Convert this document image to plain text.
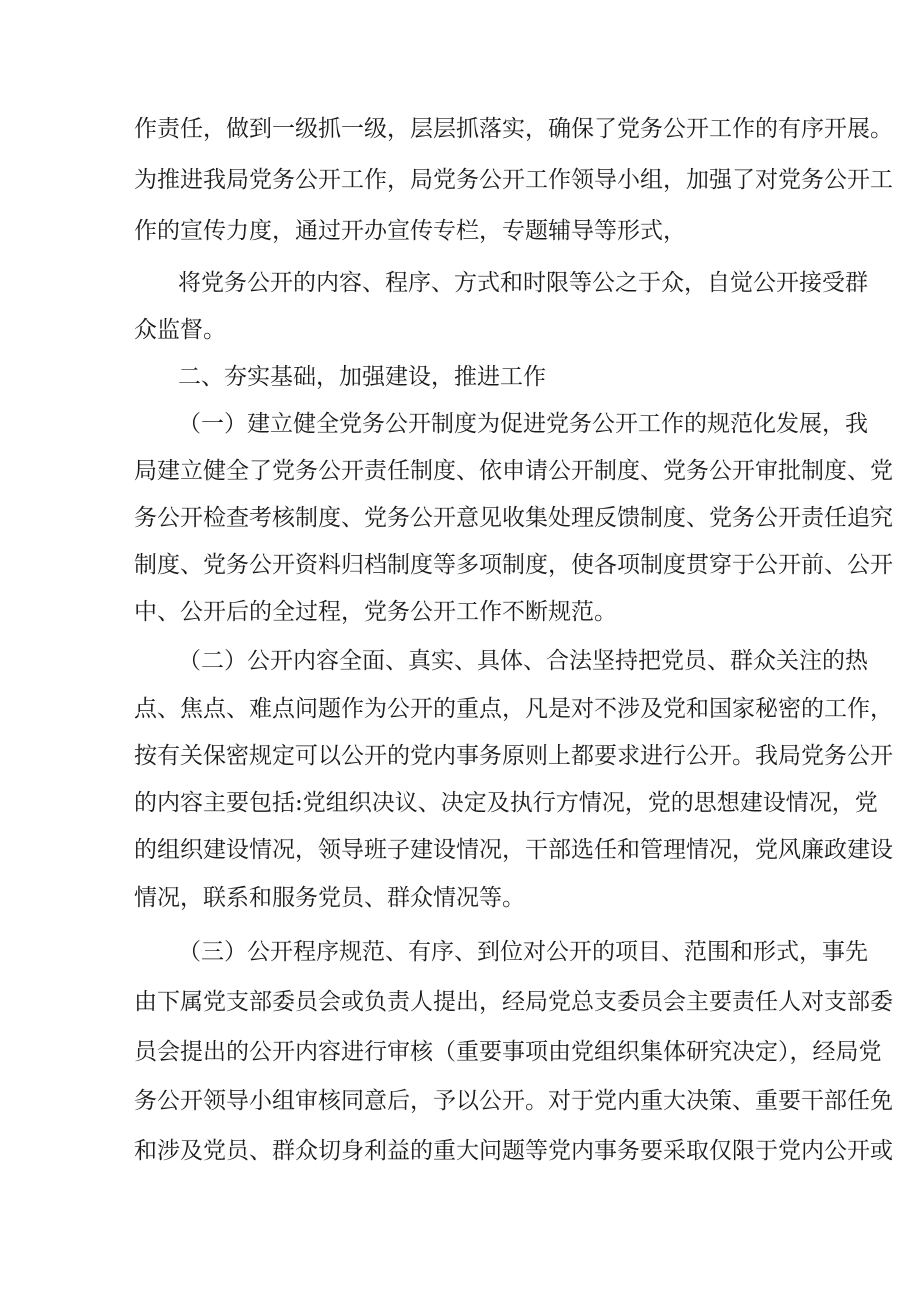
作责任，做到一级抓一级，层层抓落实，确保了党务公开工作的有序开展。
为推进我局党务公开工作，局党务公开工作领导小组，加强了对党务公开工
作的宣传力度，通过开办宣传专栏，专题辅导等形式，
将党务公开的内容、程序、方式和时限等公之于众，自觉公开接受群
众监督。
二、夯实基础，加强建设，推进工作
（一）建立健全党务公开制度为促进党务公开工作的规范化发展，我
局建立健全了党务公开责任制度、依申请公开制度、党务公开审批制度、党
务公开检查考核制度、党务公开意见收集处理反馈制度、党务公开责任追究
制度、党务公开资料归档制度等多项制度，使各项制度贯穿于公开前、公开
中、公开后的全过程，党务公开工作不断规范。
（二）公开内容全面、真实、具体、合法坚持把党员、群众关注的热
点、焦点、难点问题作为公开的重点，凡是对不涉及党和国家秘密的工作，
按有关保密规定可以公开的党内事务原则上都要求进行公开。我局党务公开
的内容主要包括:党组织决议、决定及执行方情况，党的思想建设情况，党
的组织建设情况，领导班子建设情况，干部选任和管理情况，党风廉政建设
情况，联系和服务党员、群众情况等。
（三）公开程序规范、有序、到位对公开的项目、范围和形式，事先
由下属党支部委员会或负责人提出，经局党总支委员会主要责任人对支部委
员会提出的公开内容进行审核（重要事项由党组织集体研究决定），经局党
务公开领导小组审核同意后，予以公开。对于党内重大决策、重要干部任免
和涉及党员、群众切身利益的重大问题等党内事务要采取仅限于党内公开或
